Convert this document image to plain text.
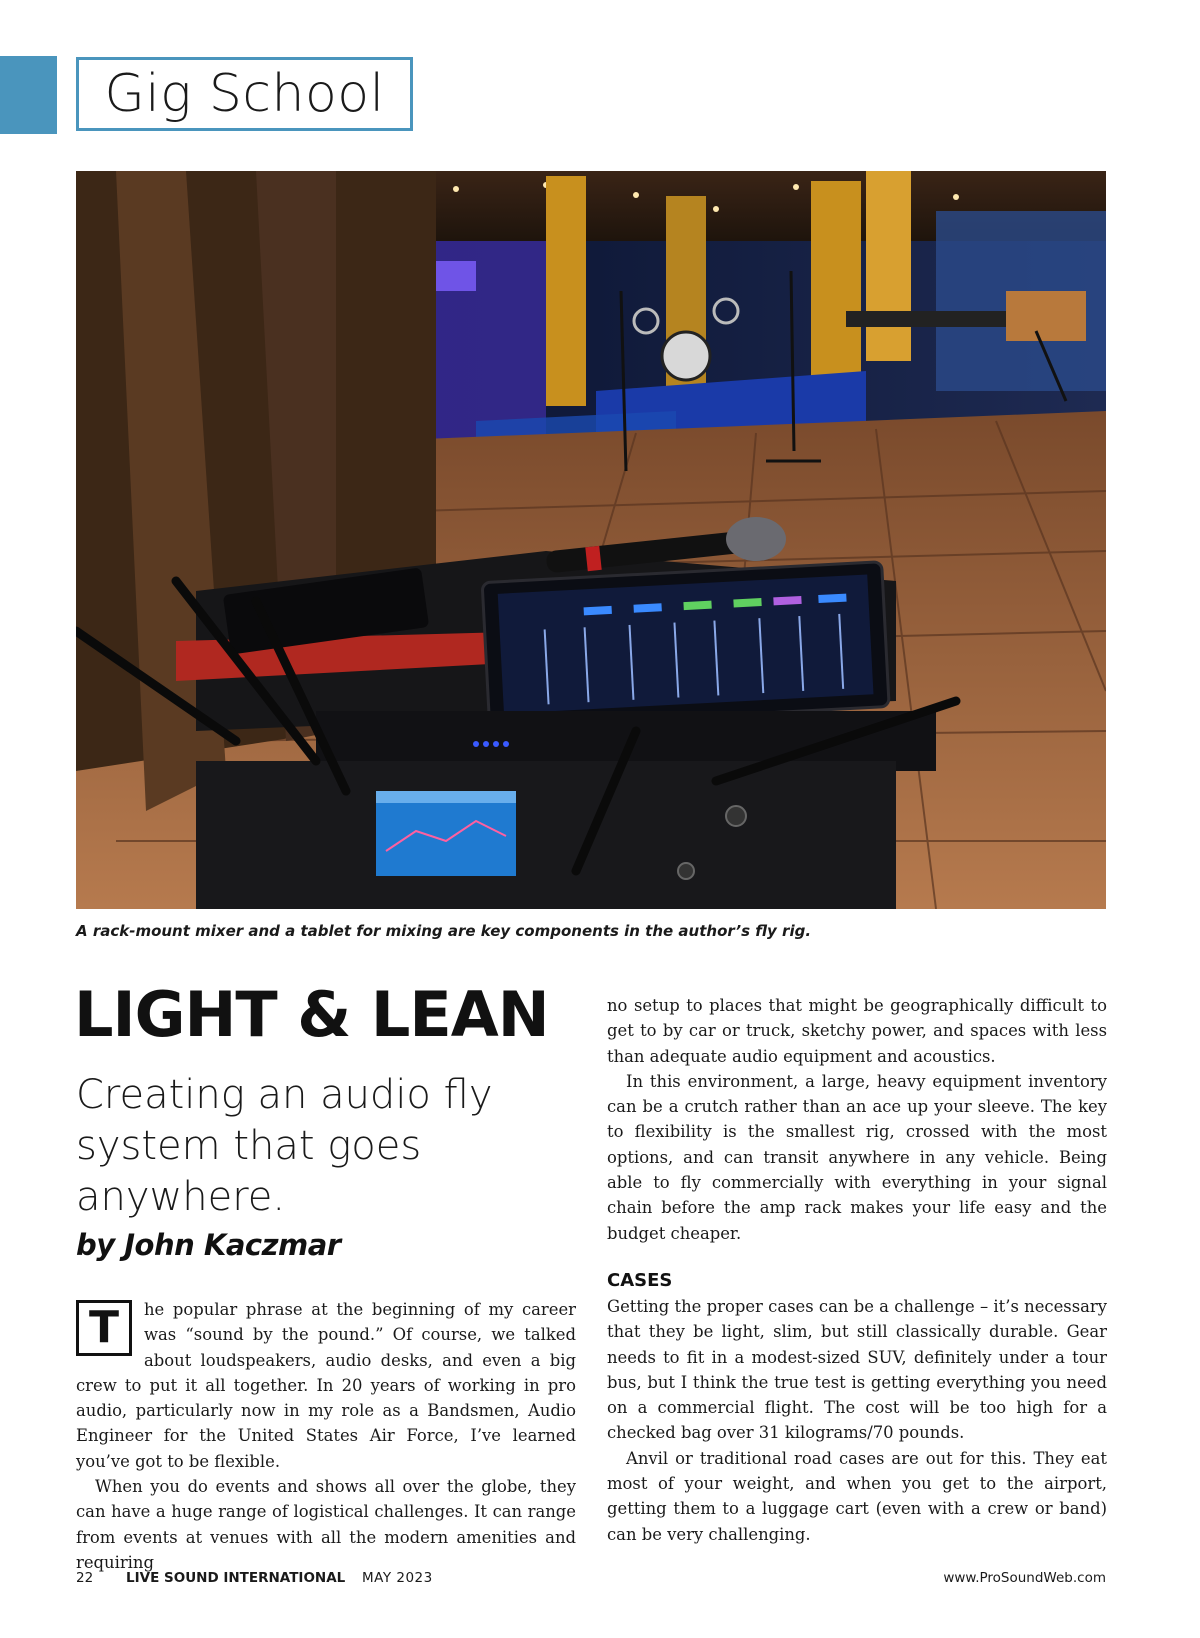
Gig School
A rack-mount mixer and a tablet for mixing are key components in the author’s fly rig.
LIGHT & LEAN

Creating an audio fly system that goes anywhere.

by John Kaczmar

T	he popular phrase at the beginning of my career was “sound by the pound.” Of course, we talked about loudspeakers, audio desks, and even a big crew to put it all together. In 20 years of working in pro audio, particularly now in my role as a Bandsmen, Audio Engineer for the United States Air Force, I’ve learned you’ve got to be flexible.

When you do events and shows all over the globe, they can have a huge range of logistical challenges. It can range from events at venues with all the modern amenities and requiring

no setup to places that might be geographically difficult to get to by car or truck, sketchy power, and spaces with less than adequate audio equipment and acoustics.

In this environment, a large, heavy equipment inventory can be a crutch rather than an ace up your sleeve. The key to flexibility is the smallest rig, crossed with the most options, and can transit anywhere in any vehicle. Being able to fly commercially with everything in your signal chain before the amp rack makes your life easy and the budget cheaper.

CASES

Getting the proper cases can be a challenge – it’s necessary that they be light, slim, but still classically durable. Gear needs to fit in a modest-sized SUV, definitely under a tour bus, but I think the true test is getting everything you need on a commercial flight. The cost will be too high for a checked bag over 31 kilograms/70 pounds.

Anvil or traditional road cases are out for this. They eat most of your weight, and when you get to the airport, getting them to a luggage cart (even with a crew or band) can be very challenging.

22 LIVE SOUND INTERNATIONAL MAY 2023	www.ProSoundWeb.com
